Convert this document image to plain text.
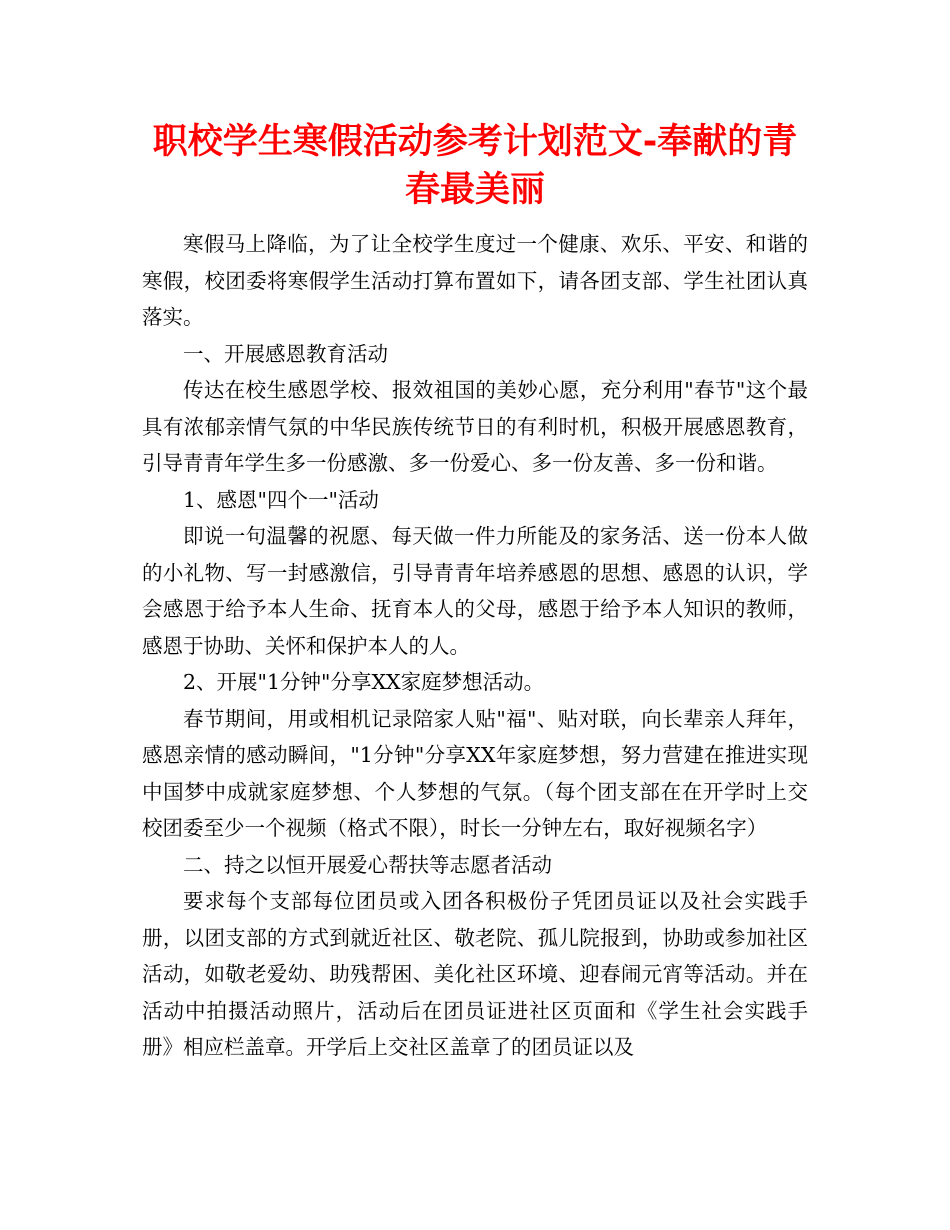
职校学生寒假活动参考计划范文-奉献的青春最美丽

寒假马上降临，为了让全校学生度过一个健康、欢乐、平安、和谐的寒假，校团委将寒假学生活动打算布置如下，请各团支部、学生社团认真落实。

一、开展感恩教育活动

传达在校生感恩学校、报效祖国的美妙心愿，充分利用"春节"这个最具有浓郁亲情气氛的中华民族传统节日的有利时机，积极开展感恩教育，引导青青年学生多一份感激、多一份爱心、多一份友善、多一份和谐。

1、感恩"四个一"活动

即说一句温馨的祝愿、每天做一件力所能及的家务活、送一份本人做的小礼物、写一封感激信，引导青青年培养感恩的思想、感恩的认识，学会感恩于给予本人生命、抚育本人的父母，感恩于给予本人知识的教师，感恩于协助、关怀和保护本人的人。

2、开展"1分钟"分享XX家庭梦想活动。

春节期间，用或相机记录陪家人贴"福"、贴对联，向长辈亲人拜年，感恩亲情的感动瞬间，"1分钟"分享XX年家庭梦想，努力营建在推进实现中国梦中成就家庭梦想、个人梦想的气氛。（每个团支部在在开学时上交校团委至少一个视频（格式不限），时长一分钟左右，取好视频名字）

二、持之以恒开展爱心帮扶等志愿者活动

要求每个支部每位团员或入团各积极份子凭团员证以及社会实践手册，以团支部的方式到就近社区、敬老院、孤儿院报到，协助或参加社区活动，如敬老爱幼、助残帮困、美化社区环境、迎春闹元宵等活动。并在活动中拍摄活动照片，活动后在团员证进社区页面和《学生社会实践手册》相应栏盖章。开学后上交社区盖章了的团员证以及
